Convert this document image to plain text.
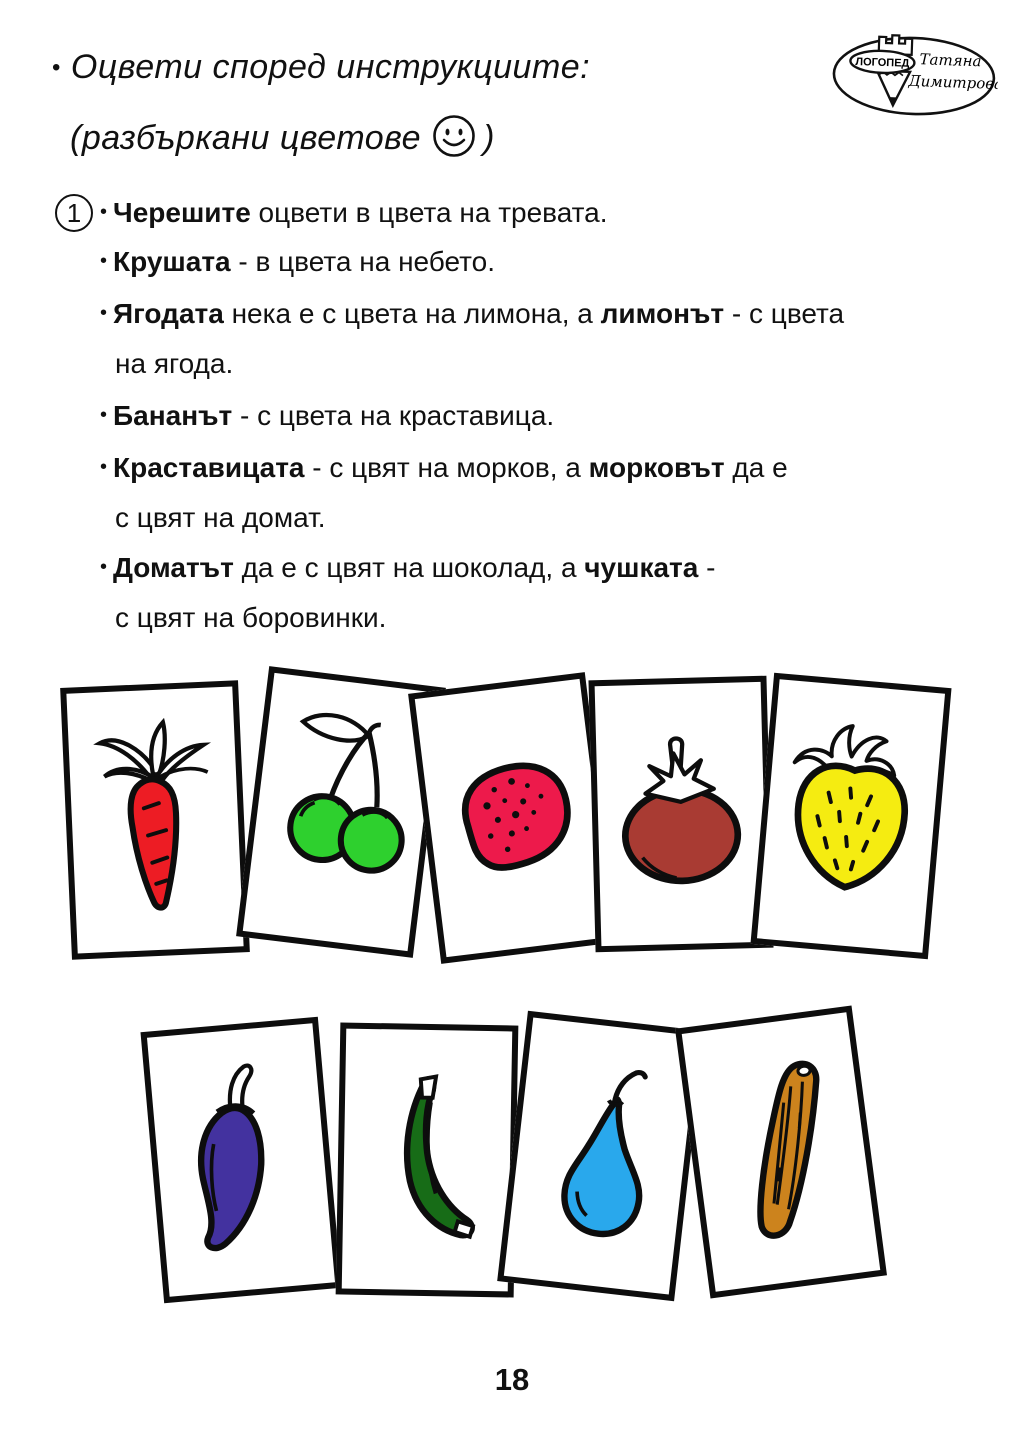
• Оцвети според инструкциите:
(разбъркани цветове )
ЛОГОПЕД Татяна
Димитрова
1 • Черешите оцвети в цвета на тревата.
• Крушата - в цвета на небето.
• Ягодата нека е с цвета на лимона, а лимонът - с цвета
на ягода.
• Бананът - с цвета на краставица.
• Краставицата - с цвят на морков, а морковът да е
с цвят на домат.
• Доматът да е с цвят на шоколад, а чушката -
с цвят на боровинки.
18
